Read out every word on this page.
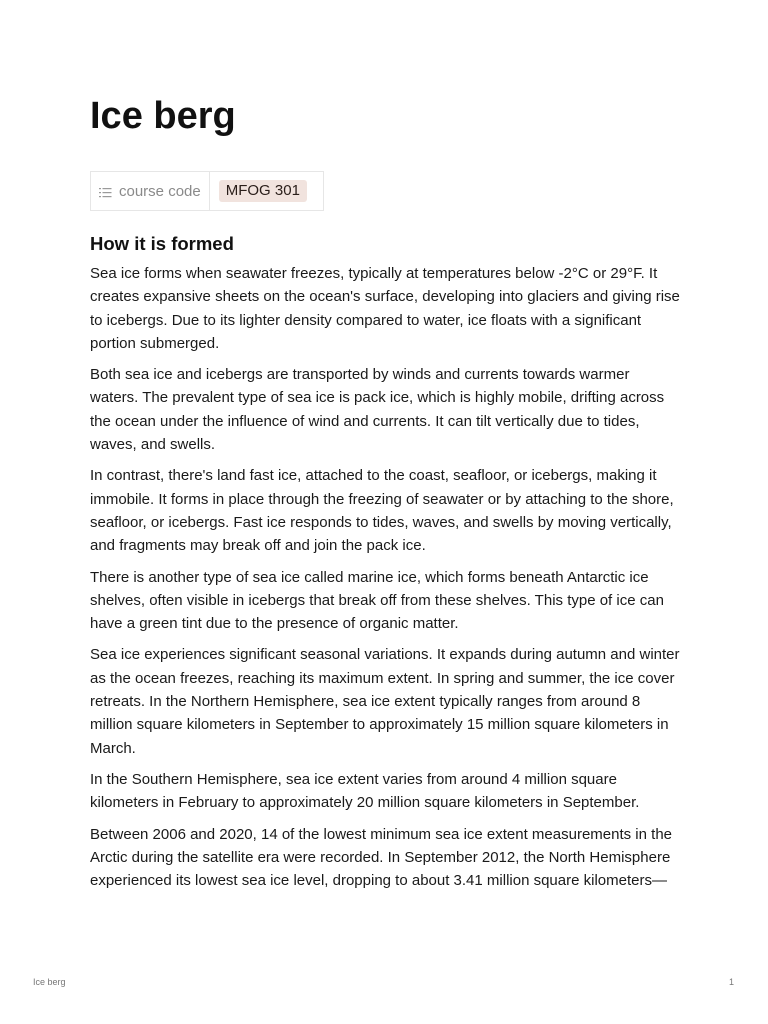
Ice berg
course code	MFOG 301
How it is formed

Sea ice forms when seawater freezes, typically at temperatures below -2°C or 29°F. It creates expansive sheets on the ocean's surface, developing into glaciers and giving rise to icebergs. Due to its lighter density compared to water, ice floats with a significant portion submerged.

Both sea ice and icebergs are transported by winds and currents towards warmer waters. The prevalent type of sea ice is pack ice, which is highly mobile, drifting across the ocean under the influence of wind and currents. It can tilt vertically due to tides, waves, and swells.

In contrast, there's land fast ice, attached to the coast, seafloor, or icebergs, making it immobile. It forms in place through the freezing of seawater or by attaching to the shore, seafloor, or icebergs. Fast ice responds to tides, waves, and swells by moving vertically, and fragments may break off and join the pack ice.

There is another type of sea ice called marine ice, which forms beneath Antarctic ice shelves, often visible in icebergs that break off from these shelves. This type of ice can have a green tint due to the presence of organic matter.

Sea ice experiences significant seasonal variations. It expands during autumn and winter as the ocean freezes, reaching its maximum extent. In spring and summer, the ice cover retreats. In the Northern Hemisphere, sea ice extent typically ranges from around 8 million square kilometers in September to approximately 15 million square kilometers in March.

In the Southern Hemisphere, sea ice extent varies from around 4 million square kilometers in February to approximately 20 million square kilometers in September.

Between 2006 and 2020, 14 of the lowest minimum sea ice extent measurements in the Arctic during the satellite era were recorded. In September 2012, the North Hemisphere experienced its lowest sea ice level, dropping to about 3.41 million square kilometers—

Ice berg	1
